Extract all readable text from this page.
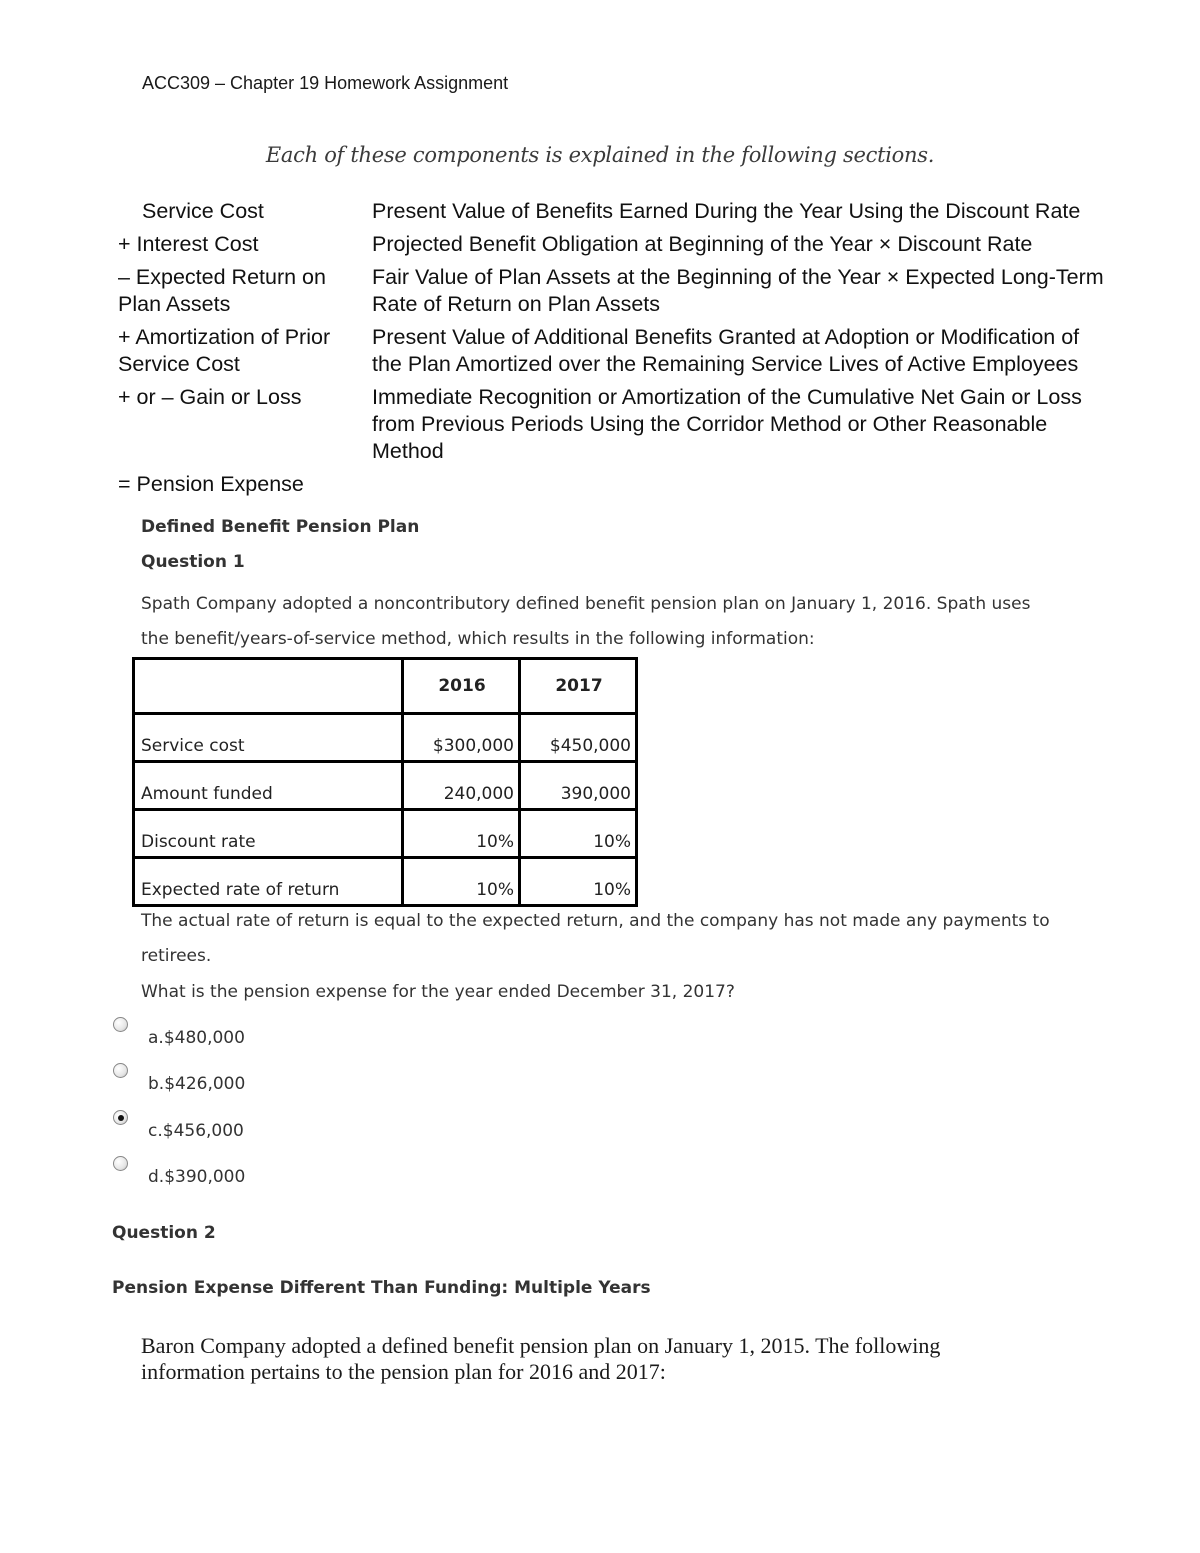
ACC309 – Chapter 19 Homework Assignment
Each of these components is explained in the following sections.
Service Cost	Present Value of Benefits Earned During the Year Using the Discount Rate
+ Interest Cost	Projected Benefit Obligation at Beginning of the Year × Discount Rate
– Expected Return on Plan Assets	Fair Value of Plan Assets at the Beginning of the Year × Expected Long-Term Rate of Return on Plan Assets
+ Amortization of Prior Service Cost	Present Value of Additional Benefits Granted at Adoption or Modification of the Plan Amortized over the Remaining Service Lives of Active Employees
+ or – Gain or Loss	Immediate Recognition or Amortization of the Cumulative Net Gain or Loss from Previous Periods Using the Corridor Method or Other Reasonable Method
= Pension Expense	
Defined Benefit Pension Plan
Question 1
Spath Company adopted a noncontributory defined benefit pension plan on January 1, 2016. Spath uses the benefit/years-of-service method, which results in the following information:
	2016	2017
Service cost	$300,000	$450,000
Amount funded	240,000	390,000
Discount rate	10%	10%
Expected rate of return	10%	10%
The actual rate of return is equal to the expected return, and the company has not made any payments to retirees.
What is the pension expense for the year ended December 31, 2017?
a.$480,000
b.$426,000
c.$456,000
d.$390,000
Question 2
Pension Expense Different Than Funding: Multiple Years
Baron Company adopted a defined benefit pension plan on January 1, 2015. The following information pertains to the pension plan for 2016 and 2017:
